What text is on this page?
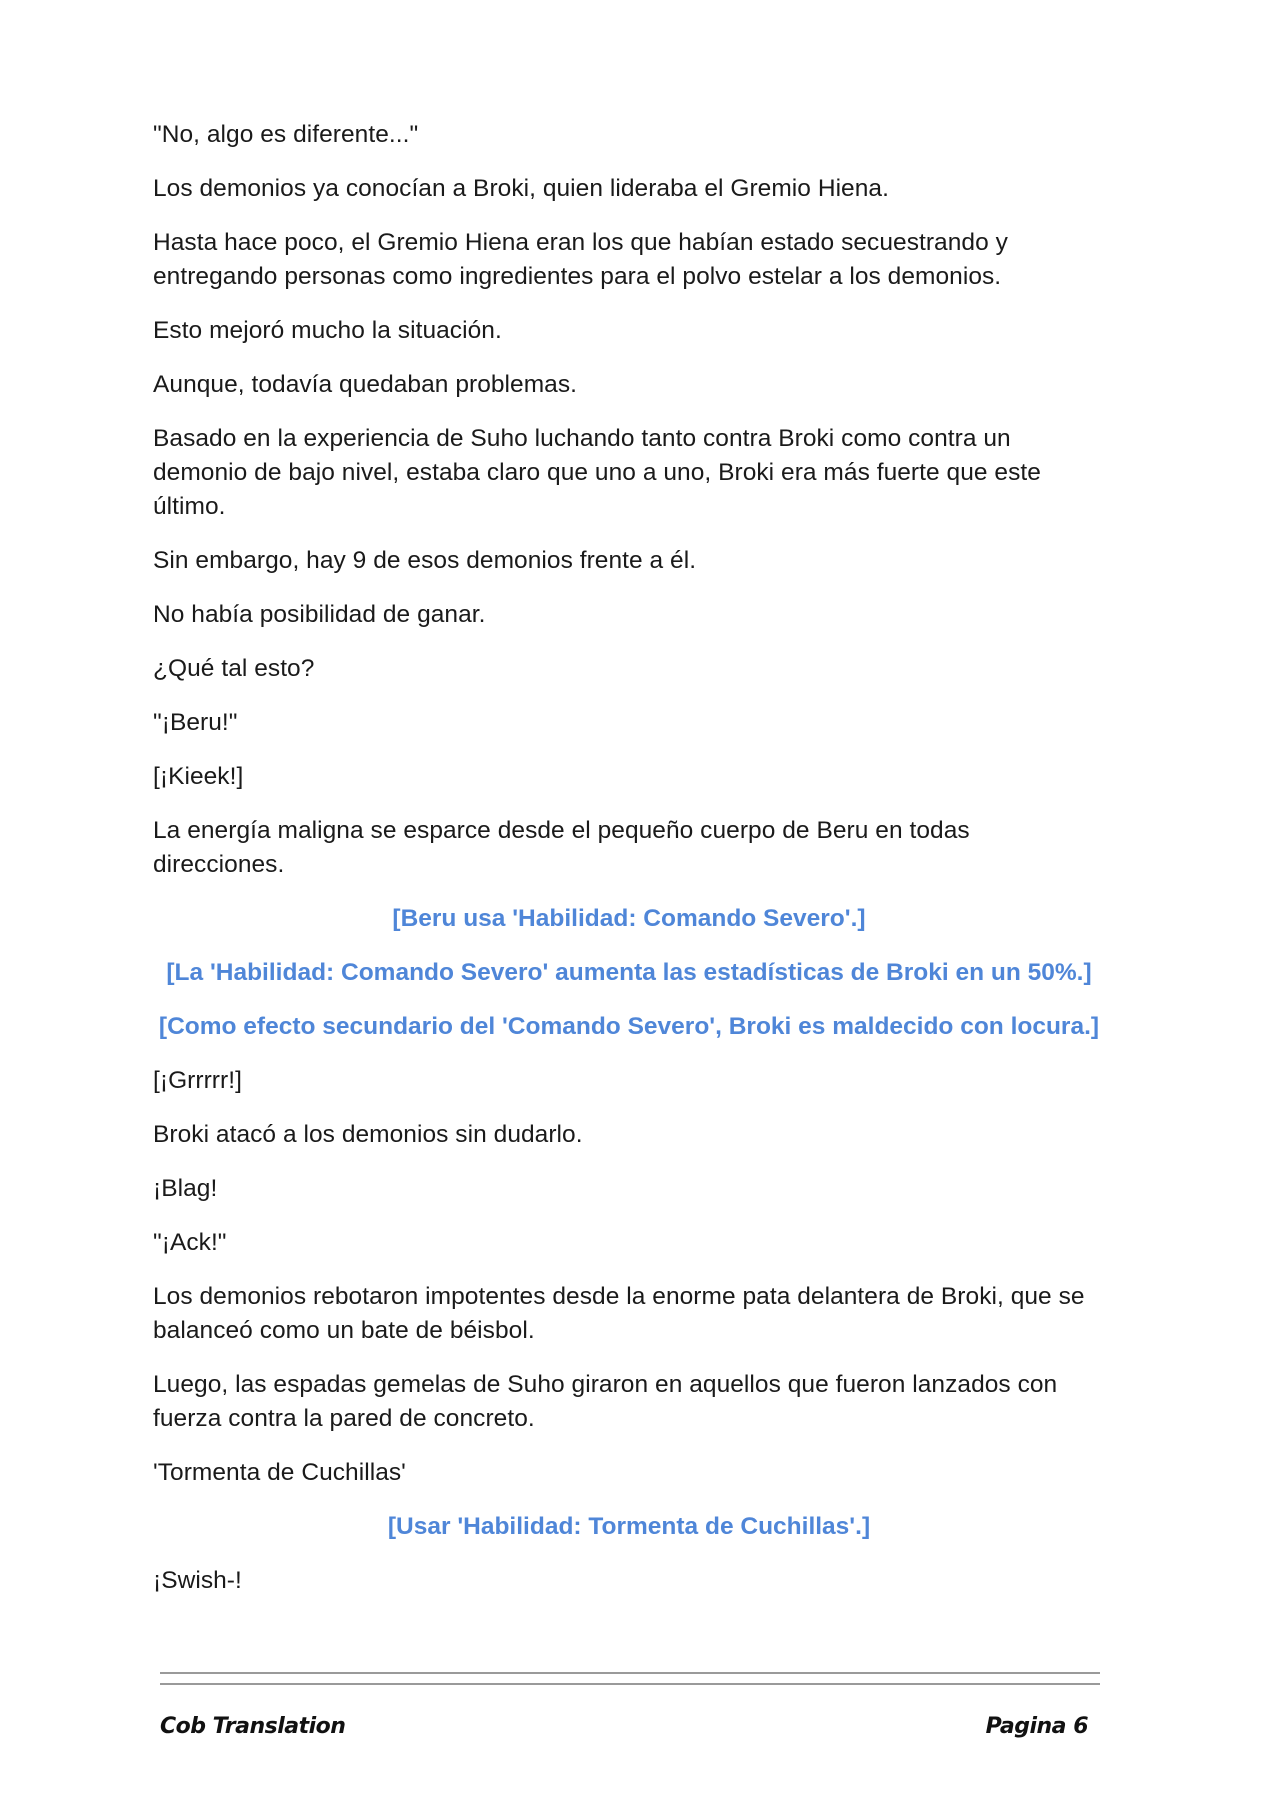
"No, algo es diferente..."

Los demonios ya conocían a Broki, quien lideraba el Gremio Hiena.

Hasta hace poco, el Gremio Hiena eran los que habían estado secuestrando y entregando personas como ingredientes para el polvo estelar a los demonios.

Esto mejoró mucho la situación.

Aunque, todavía quedaban problemas.

Basado en la experiencia de Suho luchando tanto contra Broki como contra un demonio de bajo nivel, estaba claro que uno a uno, Broki era más fuerte que este último.

Sin embargo, hay 9 de esos demonios frente a él.

No había posibilidad de ganar.

¿Qué tal esto?

"¡Beru!"

[¡Kieek!]

La energía maligna se esparce desde el pequeño cuerpo de Beru en todas direcciones.

[Beru usa 'Habilidad: Comando Severo'.]

[La 'Habilidad: Comando Severo' aumenta las estadísticas de Broki en un 50%.]

[Como efecto secundario del 'Comando Severo', Broki es maldecido con locura.]

[¡Grrrrr!]

Broki atacó a los demonios sin dudarlo.

¡Blag!

"¡Ack!"

Los demonios rebotaron impotentes desde la enorme pata delantera de Broki, que se balanceó como un bate de béisbol.

Luego, las espadas gemelas de Suho giraron en aquellos que fueron lanzados con fuerza contra la pared de concreto.

'Tormenta de Cuchillas'

[Usar 'Habilidad: Tormenta de Cuchillas'.]

¡Swish-!

Cob Translation	Pagina 6
